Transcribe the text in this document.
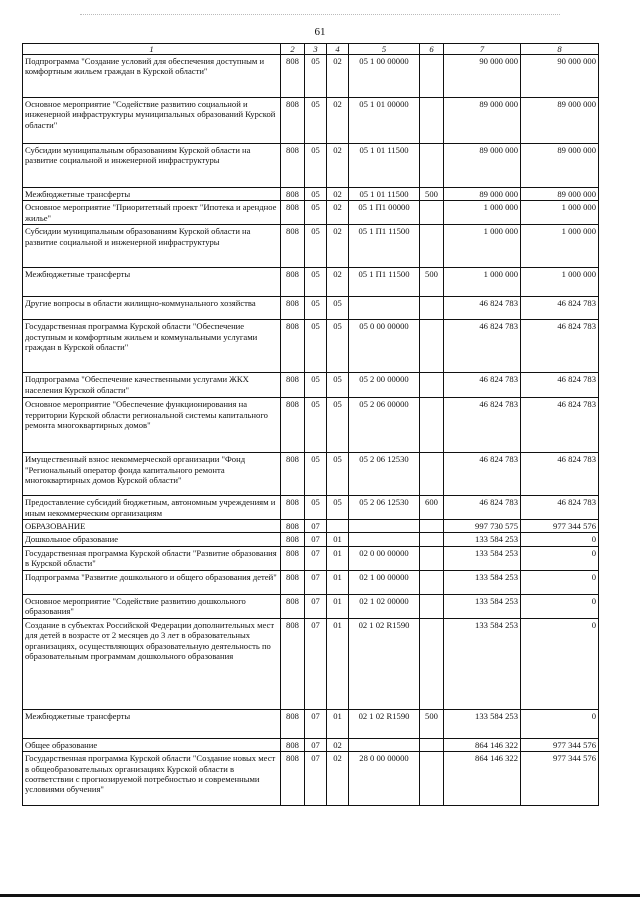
61
1	2	3	4	5	6	7	8
Подпрограмма "Создание условий для обеспечения доступным и комфортным жильем граждан в Курской области"	808	05	02	05 1 00 00000		90 000 000	90 000 000
Основное мероприятие "Содействие развитию социальной и инженерной инфраструктуры муниципальных образований Курской области"	808	05	02	05 1 01 00000		89 000 000	89 000 000
Субсидии муниципальным образованиям Курской области на развитие социальной и инженерной инфраструктуры	808	05	02	05 1 01 11500		89 000 000	89 000 000
Межбюджетные трансферты	808	05	02	05 1 01 11500	500	89 000 000	89 000 000
Основное мероприятие "Приоритетный проект "Ипотека и арендное жилье"	808	05	02	05 1 П1 00000		1 000 000	1 000 000
Субсидии муниципальным образованиям Курской области на развитие социальной и инженерной инфраструктуры	808	05	02	05 1 П1 11500		1 000 000	1 000 000
Межбюджетные трансферты	808	05	02	05 1 П1 11500	500	1 000 000	1 000 000
Другие вопросы в области жилищно-коммунального хозяйства	808	05	05			46 824 783	46 824 783
Государственная программа Курской области "Обеспечение доступным и комфортным жильем и коммунальными услугами граждан в Курской области"	808	05	05	05 0 00 00000		46 824 783	46 824 783
Подпрограмма "Обеспечение качественными услугами ЖКХ населения Курской области"	808	05	05	05 2 00 00000		46 824 783	46 824 783
Основное мероприятие "Обеспечение функционирования на территории Курской области региональной системы капитального ремонта многоквартирных домов"	808	05	05	05 2 06 00000		46 824 783	46 824 783
Имущественный взнос некоммерческой организации "Фонд "Региональный оператор фонда капитального ремонта многоквартирных домов Курской области"	808	05	05	05 2 06 12530		46 824 783	46 824 783
Предоставление субсидий бюджетным, автономным учреждениям и иным некоммерческим организациям	808	05	05	05 2 06 12530	600	46 824 783	46 824 783
ОБРАЗОВАНИЕ	808	07				997 730 575	977 344 576
Дошкольное образование	808	07	01			133 584 253	0
Государственная программа Курской области "Развитие образования в Курской области"	808	07	01	02 0 00 00000		133 584 253	0
Подпрограмма "Развитие дошкольного и общего образования детей"	808	07	01	02 1 00 00000		133 584 253	0
Основное мероприятие "Содействие развитию дошкольного образования"	808	07	01	02 1 02 00000		133 584 253	0
Создание в субъектах Российской Федерации дополнительных мест для детей в возрасте от 2 месяцев до 3 лет в образовательных организациях, осуществляющих образовательную деятельность по образовательным программам дошкольного образования	808	07	01	02 1 02 R1590		133 584 253	0
Межбюджетные трансферты	808	07	01	02 1 02 R1590	500	133 584 253	0
Общее образование	808	07	02			864 146 322	977 344 576
Государственная программа Курской области "Создание новых мест в общеобразовательных организациях Курской области в соответствии с прогнозируемой потребностью и современными условиями обучения"	808	07	02	28 0 00 00000		864 146 322	977 344 576
